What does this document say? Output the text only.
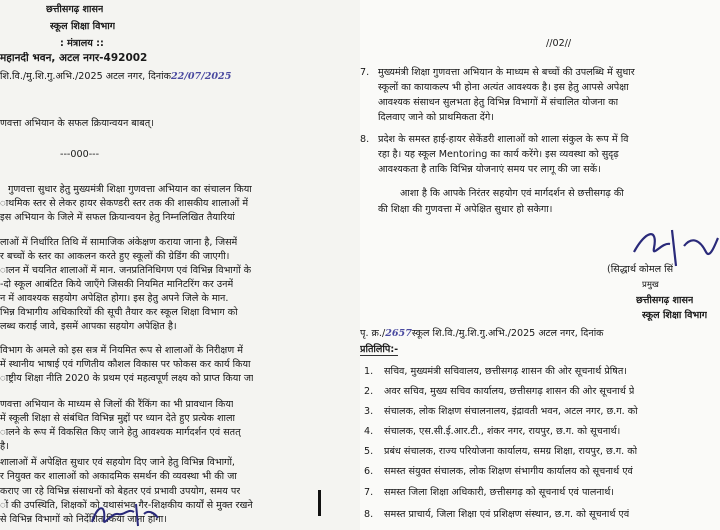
छत्तीसगढ़ शासन
स्कूल शिक्षा विभाग
: मंत्रालय ::
महानदी भवन, अटल नगर-492002
शि.वि./मु.शि.गु.अभि./2025 अटल नगर, दिनांक22/07/2025
णवत्ता अभियान के सफल क्रियान्वयन बाबत्।
---000---
गुणवत्ता सुधार हेतु मुख्यमंत्री शिक्षा गुणवत्ता अभियान का संचालन किया
ाथमिक स्तर से लेकर हायर सेकण्डरी स्तर तक की शासकीय शालाओं में
इस अभियान के जिले में सफल क्रियान्वयन हेतु निम्नलिखित तैयारियां
लाओं में निर्धारित तिथि में सामाजिक अंकेक्षण कराया जाना है, जिसमें
र बच्चों के स्तर का आकलन करते हुए स्कूलों की ग्रेडिंग की जाएगी।
ालन में चयनित शालाओं में मान. जनप्रतिनिधिगण एवं विभिन्न विभागों के
-दो स्कूल आबंटित किये जाएँगे जिसकी नियमित मानिटरिंग कर उनमें
न में आवश्यक सहयोग अपेक्षित होगा। इस हेतु अपने जिले के मान.
भिन्न विभागीय अधिकारियों की सूची तैयार कर स्कूल शिक्षा विभाग को
लब्ध कराई जावे, इसमें आपका सहयोग अपेक्षित है।
विभाग के अमले को इस सत्र में नियमित रूप से शालाओं के निरीक्षण में
में स्थानीय भाषाई एवं गणितीय कौशल विकास पर फोकस कर कार्य किया
ाष्ट्रीय शिक्षा नीति 2020 के प्रथम एवं महत्वपूर्ण लक्ष्य को प्राप्त किया जा
णवत्ता अभियान के माध्यम से जिलों की रैंकिंग का भी प्रावधान किया
में स्कूली शिक्षा से संबंधित विभिन्न मुद्दों पर ध्यान देते हुए प्रत्येक शाला
ालने के रूप में विकसित किए जाने हेतु आवश्यक मार्गदर्शन एवं सतत्
है।
शालाओं में अपेक्षित सुधार एवं सहयोग दिए जाने हेतु विभिन्न विभागों,
र नियुक्त कर शालाओं को अकादमिक समर्थन की व्यवस्था भी की जा
कराए जा रहे विभिन्न संसाधनों को बेहतर एवं प्रभावी उपयोग, समय पर
ों की उपस्थिति, शिक्षकों को यथासंभव गैर-शिक्षकीय कार्यों से मुक्त रखने
से विभिन्न विभागों को निर्देशित किया जाना होगा।
//02//
7. मुख्यमंत्री शिक्षा गुणवत्ता अभियान के माध्यम से बच्चों की उपलब्धि में सुधार
स्कूलों का कायाकल्प भी होना अत्यंत आवश्यक है। इस हेतु आपसे अपेक्षा
आवश्यक संसाधन सुलभता हेतु विभिन्न विभागों में संचालित योजना का
दिलवाए जाने को प्राथमिकता देंगे।
8. प्रदेश के समस्त हाई-हायर सेकेंडरी शालाओं को शाला संकुल के रूप में वि
रहा है। यह स्कूल Mentoring का कार्य करेंगे। इस व्यवस्था को सुदृढ़
आवश्यकता है ताकि विभिन्न योजनाएं समय पर लागू की जा सकें।
आशा है कि आपके निरंतर सहयोग एवं मार्गदर्शन से छत्तीसगढ़ की
की शिक्षा की गुणवत्ता में अपेक्षित सुधार हो सकेगा।
(सिद्धार्थ कोमल सिं
प्रमुख
छत्तीसगढ़ शासन
स्कूल शिक्षा विभाग
पृ. क्र./2657स्कूल शि.वि./मु.शि.गु.अभि./2025 अटल नगर, दिनांक
प्रतिलिपि:-
1. सचिव, मुख्यमंत्री सचिवालय, छत्तीसगढ़ शासन की ओर सूचनार्थ प्रेषित।
2. अवर सचिव, मुख्य सचिव कार्यालय, छत्तीसगढ़ शासन की ओर सूचनार्थ प्रे
3. संचालक, लोक शिक्षण संचालनालय, इंद्रावती भवन, अटल नगर, छ.ग. को
4. संचालक, एस.सी.ई.आर.टी., शंकर नगर, रायपुर, छ.ग. को सूचनार्थ।
5. प्रबंध संचालक, राज्य परियोजना कार्यालय, समग्र शिक्षा, रायपुर, छ.ग. को
6. समस्त संयुक्त संचालक, लोक शिक्षण संभागीय कार्यालय को सूचनार्थ एवं
7. समस्त जिला शिक्षा अधिकारी, छत्तीसगढ़ को सूचनार्थ एवं पालनार्थ।
8. समस्त प्राचार्य, जिला शिक्षा एवं प्रशिक्षण संस्थान, छ.ग. को सूचनार्थ एवं
